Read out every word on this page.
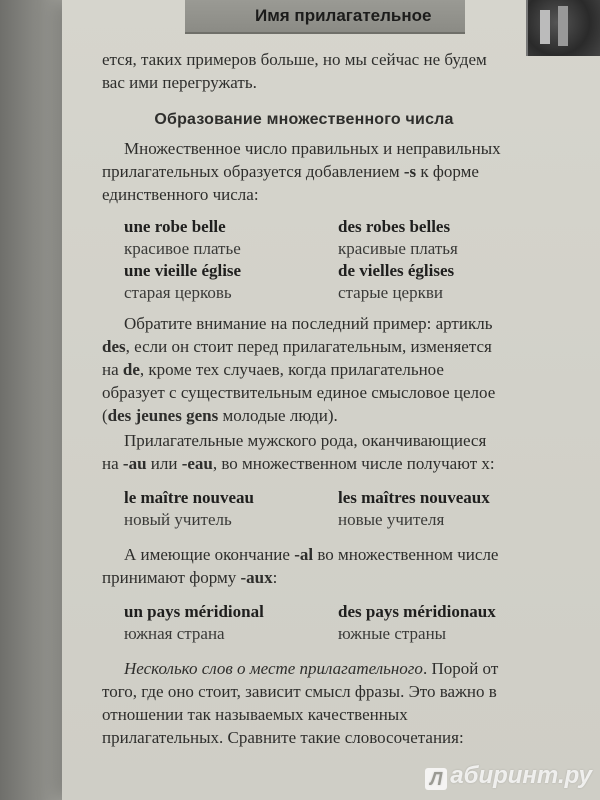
Имя прилагательное

ется, таких примеров больше, но мы сейчас не будем

вас ими перегружать.

Образование множественного числа

Множественное число правильных и неправильных прилагательных образуется добавлением -s к форме единственного числа:

une robe belle	des robes belles
красивое платье	красивые платья
une vieille église	de vielles églises
старая церковь	старые церкви

Обратите внимание на последний пример: артикль des, если он стоит перед прилагательным, изменяется на de, кроме тех случаев, когда прилагательное образует с существительным единое смысловое целое (des jeunes gens молодые люди).

Прилагательные мужского рода, оканчивающиеся на -au или -eau, во множественном числе получают x:

le maître nouveau	les maîtres nouveaux
новый учитель	новые учителя

А имеющие окончание -al во множественном числе принимают форму -aux:

un pays méridional	des pays méridionaux
южная страна	южные страны

Несколько слов о месте прилагательного. Порой от того, где оно стоит, зависит смысл фразы. Это важно в отношении так называемых качественных прилагательных. Сравните такие словосочетания:

Л абиринт.ру
